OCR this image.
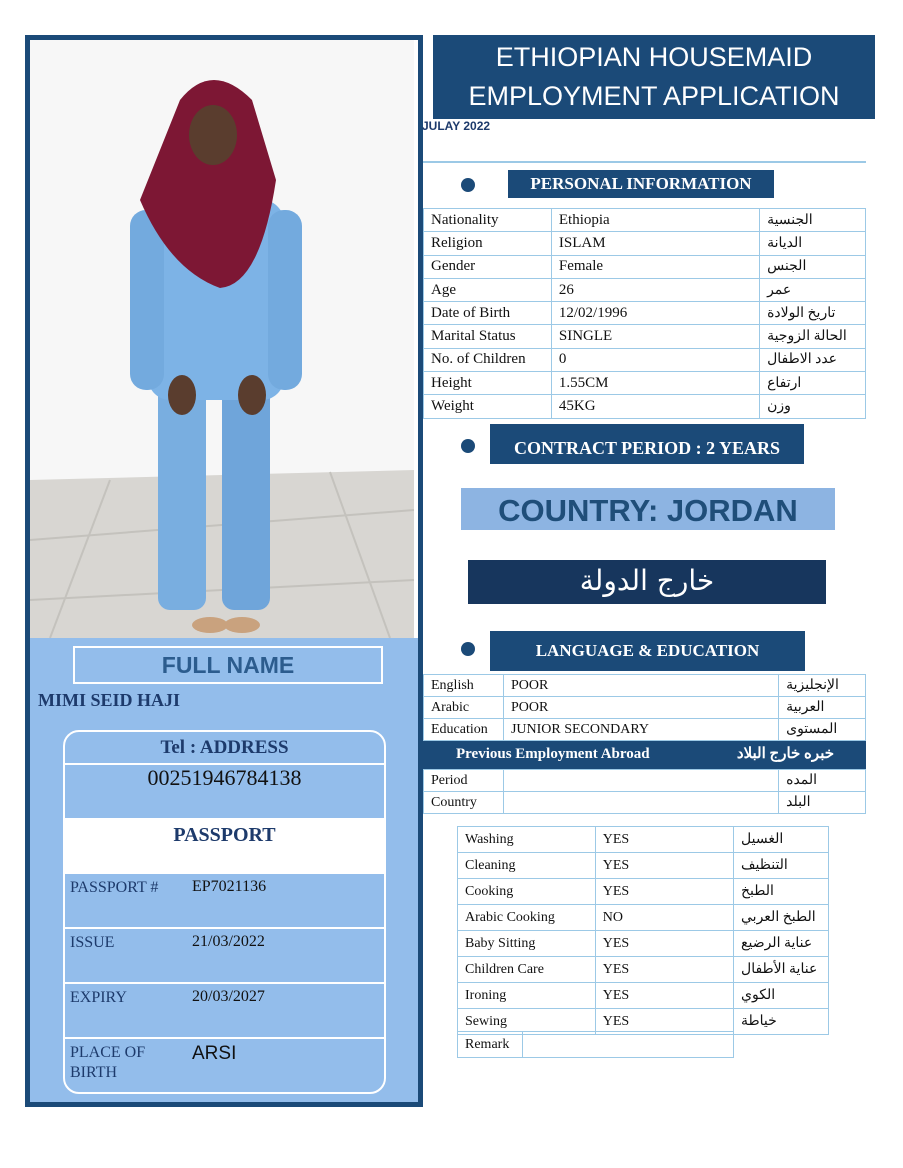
FULL NAME
MIMI SEID HAJI
Tel : ADDRESS
00251946784138
PASSPORT
PASSPORT # EP7021136
ISSUE	21/03/2022
EXPIRY	20/03/2027
PLACE OF BIRTH
ARSI
ETHIOPIAN HOUSEMAID EMPLOYMENT APPLICATION
JULAY 2022
PERSONAL INFORMATION
Nationality	Ethiopia	الجنسية
Religion	ISLAM	الديانة
Gender	Female	الجنس
Age	26	عمر
Date of Birth	12/02/1996	تاريخ الولادة
Marital Status	SINGLE	الحالة الزوجية
No. of Children	0	عدد الاطفال
Height	1.55CM	ارتفاع
Weight	45KG	وزن
CONTRACT PERIOD : 2 YEARS
COUNTRY: JORDAN
خارج الدولة
LANGUAGE & EDUCATION
English	POOR	الإنجليزية
Arabic	POOR	العربية
Education	JUNIOR SECONDARY	المستوى
Previous Employment Abroad	خبره خارج البلاد
Period		المده
Country		البلد
Washing	YES	الغسيل
Cleaning	YES	التنظيف
Cooking	YES	الطبخ
Arabic Cooking	NO	الطبخ العربي
Baby Sitting	YES	عناية الرضيع
Children Care	YES	عناية الأطفال
Ironing	YES	الكوي
Sewing	YES	خياطة
Remark	
